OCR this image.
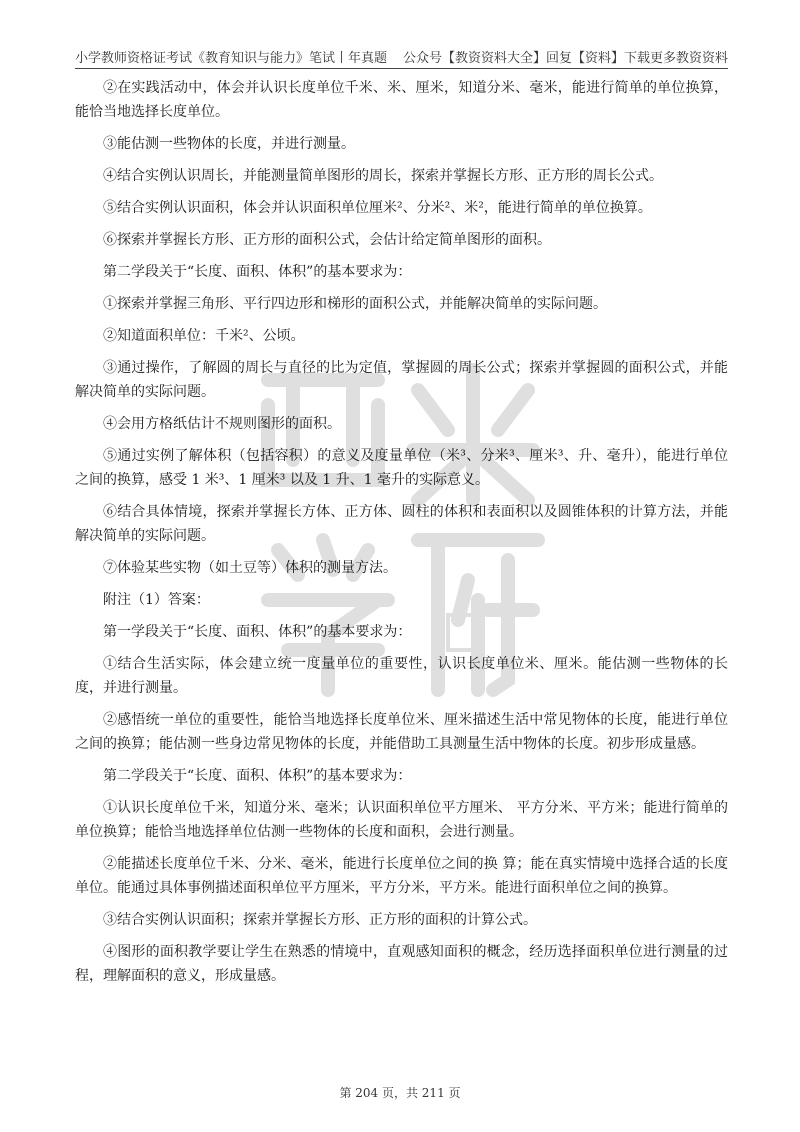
小学教师资格证考试《教育知识与能力》笔试丨年真题 公众号【教资资料大全】回复【资料】下载更多教资资料

②在实践活动中，体会并认识长度单位千米、米、厘米，知道分米、毫米，能进行简单的单位换算，能恰当地选择长度单位。

③能估测一些物体的长度，并进行测量。

④结合实例认识周长，并能测量简单图形的周长，探索并掌握长方形、正方形的周长公式。

⑤结合实例认识面积，体会并认识面积单位厘米²、分米²、米²，能进行简单的单位换算。

⑥探索并掌握长方形、正方形的面积公式，会估计给定简单图形的面积。

第二学段关于“长度、面积、体积”的基本要求为：

①探索并掌握三角形、平行四边形和梯形的面积公式，并能解决简单的实际问题。

②知道面积单位：千米²、公顷。

③通过操作，了解圆的周长与直径的比为定值，掌握圆的周长公式；探索并掌握圆的面积公式，并能解决简单的实际问题。

④会用方格纸估计不规则图形的面积。

⑤通过实例了解体积（包括容积）的意义及度量单位（米³、分米³、厘米³、升、毫升），能进行单位之间的换算，感受 1 米³、1 厘米³ 以及 1 升、1 毫升的实际意义。

⑥结合具体情境，探索并掌握长方体、正方体、圆柱的体积和表面积以及圆锥体积的计算方法，并能解决简单的实际问题。

⑦体验某些实物（如土豆等）体积的测量方法。

附注（1）答案：

第一学段关于“长度、面积、体积”的基本要求为：

①结合生活实际，体会建立统一度量单位的重要性，认识长度单位米、厘米。能估测一些物体的长度，并进行测量。

②感悟统一单位的重要性，能恰当地选择长度单位米、厘米描述生活中常见物体的长度，能进行单位之间的换算；能估测一些身边常见物体的长度，并能借助工具测量生活中物体的长度。初步形成量感。

第二学段关于“长度、面积、体积”的基本要求为：

①认识长度单位千米，知道分米、毫米；认识面积单位平方厘米、 平方分米、平方米；能进行简单的单位换算；能恰当地选择单位估测一些物体的长度和面积，会进行测量。

②能描述长度单位千米、分米、毫米，能进行长度单位之间的换 算；能在真实情境中选择合适的长度单位。能通过具体事例描述面积单位平方厘米，平方分米，平方米。能进行面积单位之间的换算。

③结合实例认识面积；探索并掌握长方形、正方形的面积的计算公式。

④图形的面积教学要让学生在熟悉的情境中，直观感知面积的概念，经历选择面积单位进行测量的过程，理解面积的意义，形成量感。

第 204 页，共 211 页
